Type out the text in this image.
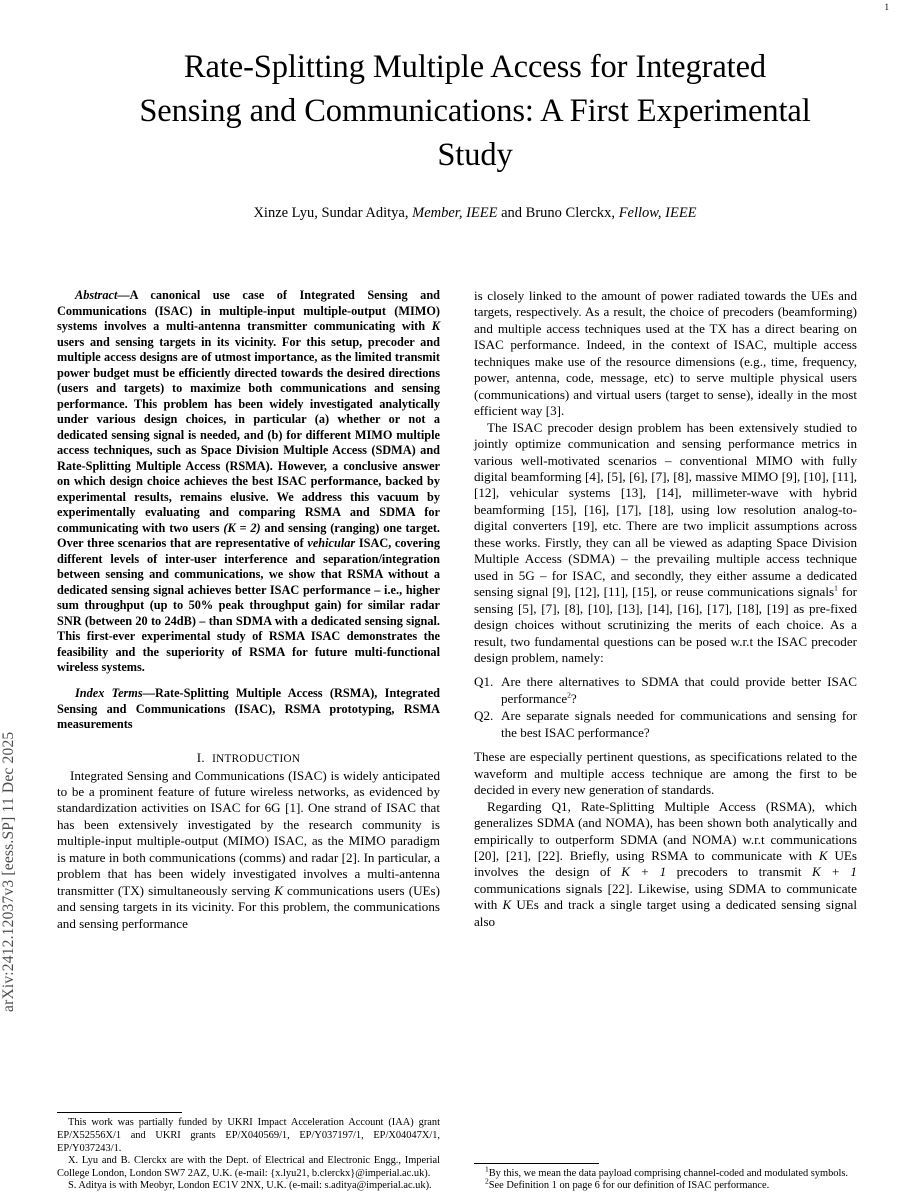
1
arXiv:2412.12037v3 [eess.SP] 11 Dec 2025
Rate-Splitting Multiple Access for Integrated
Sensing and Communications: A First Experimental
Study
Xinze Lyu, Sundar Aditya, Member, IEEE and Bruno Clerckx, Fellow, IEEE

Abstract—A canonical use case of Integrated Sensing and Communications (ISAC) in multiple-input multiple-output (MIMO) systems involves a multi-antenna transmitter communicating with K users and sensing targets in its vicinity. For this setup, precoder and multiple access designs are of utmost importance, as the limited transmit power budget must be efficiently directed towards the desired directions (users and targets) to maximize both communications and sensing performance. This problem has been widely investigated analytically under various design choices, in particular (a) whether or not a dedicated sensing signal is needed, and (b) for different MIMO multiple access techniques, such as Space Division Multiple Access (SDMA) and Rate-Splitting Multiple Access (RSMA). However, a conclusive answer on which design choice achieves the best ISAC performance, backed by experimental results, remains elusive. We address this vacuum by experimentally evaluating and comparing RSMA and SDMA for communicating with two users (K = 2) and sensing (ranging) one target. Over three scenarios that are representative of vehicular ISAC, covering different levels of inter-user interference and separation/integration between sensing and communications, we show that RSMA without a dedicated sensing signal achieves better ISAC performance – i.e., higher sum throughput (up to 50% peak throughput gain) for similar radar SNR (between 20 to 24dB) – than SDMA with a dedicated sensing signal. This first-ever experimental study of RSMA ISAC demonstrates the feasibility and the superiority of RSMA for future multi-functional wireless systems.

Index Terms—Rate-Splitting Multiple Access (RSMA), Integrated Sensing and Communications (ISAC), RSMA prototyping, RSMA measurements

I. INTRODUCTION

Integrated Sensing and Communications (ISAC) is widely anticipated to be a prominent feature of future wireless networks, as evidenced by standardization activities on ISAC for 6G [1]. One strand of ISAC that has been extensively investigated by the research community is multiple-input multiple-output (MIMO) ISAC, as the MIMO paradigm is mature in both communications (comms) and radar [2]. In particular, a problem that has been widely investigated involves a multi-antenna transmitter (TX) simultaneously serving K communications users (UEs) and sensing targets in its vicinity. For this problem, the communications and sensing performance

This work was partially funded by UKRI Impact Acceleration Account (IAA) grant EP/X52556X/1 and UKRI grants EP/X040569/1, EP/Y037197/1, EP/X04047X/1, EP/Y037243/1.

X. Lyu and B. Clerckx are with the Dept. of Electrical and Electronic Engg., Imperial College London, London SW7 2AZ, U.K. (e-mail: {x.lyu21, b.clerckx}@imperial.ac.uk).

S. Aditya is with Meobyr, London EC1V 2NX, U.K. (e-mail: s.aditya@imperial.ac.uk).

is closely linked to the amount of power radiated towards the UEs and targets, respectively. As a result, the choice of precoders (beamforming) and multiple access techniques used at the TX has a direct bearing on ISAC performance. Indeed, in the context of ISAC, multiple access techniques make use of the resource dimensions (e.g., time, frequency, power, antenna, code, message, etc) to serve multiple physical users (communications) and virtual users (target to sense), ideally in the most efficient way [3].

The ISAC precoder design problem has been extensively studied to jointly optimize communication and sensing performance metrics in various well-motivated scenarios – conventional MIMO with fully digital beamforming [4], [5], [6], [7], [8], massive MIMO [9], [10], [11], [12], vehicular systems [13], [14], millimeter-wave with hybrid beamforming [15], [16], [17], [18], using low resolution analog-to-digital converters [19], etc. There are two implicit assumptions across these works. Firstly, they can all be viewed as adapting Space Division Multiple Access (SDMA) – the prevailing multiple access technique used in 5G – for ISAC, and secondly, they either assume a dedicated sensing signal [9], [12], [11], [15], or reuse communications signals$^1$ for sensing [5], [7], [8], [10], [13], [14], [16], [17], [18], [19] as pre-fixed design choices without scrutinizing the merits of each choice. As a result, two fundamental questions can be posed w.r.t the ISAC precoder design problem, namely:

Q1. Are there alternatives to SDMA that could provide better ISAC performance$^2$?
Q2. Are separate signals needed for communications and sensing for the best ISAC performance?

These are especially pertinent questions, as specifications related to the waveform and multiple access technique are among the first to be decided in every new generation of standards.

Regarding Q1, Rate-Splitting Multiple Access (RSMA), which generalizes SDMA (and NOMA), has been shown both analytically and empirically to outperform SDMA (and NOMA) w.r.t communications [20], [21], [22]. Briefly, using RSMA to communicate with K UEs involves the design of K + 1 precoders to transmit K + 1 communications signals [22]. Likewise, using SDMA to communicate with K UEs and track a single target using a dedicated sensing signal also

$^1$By this, we mean the data payload comprising channel-coded and modulated symbols.

$^2$See Definition 1 on page 6 for our definition of ISAC performance.
